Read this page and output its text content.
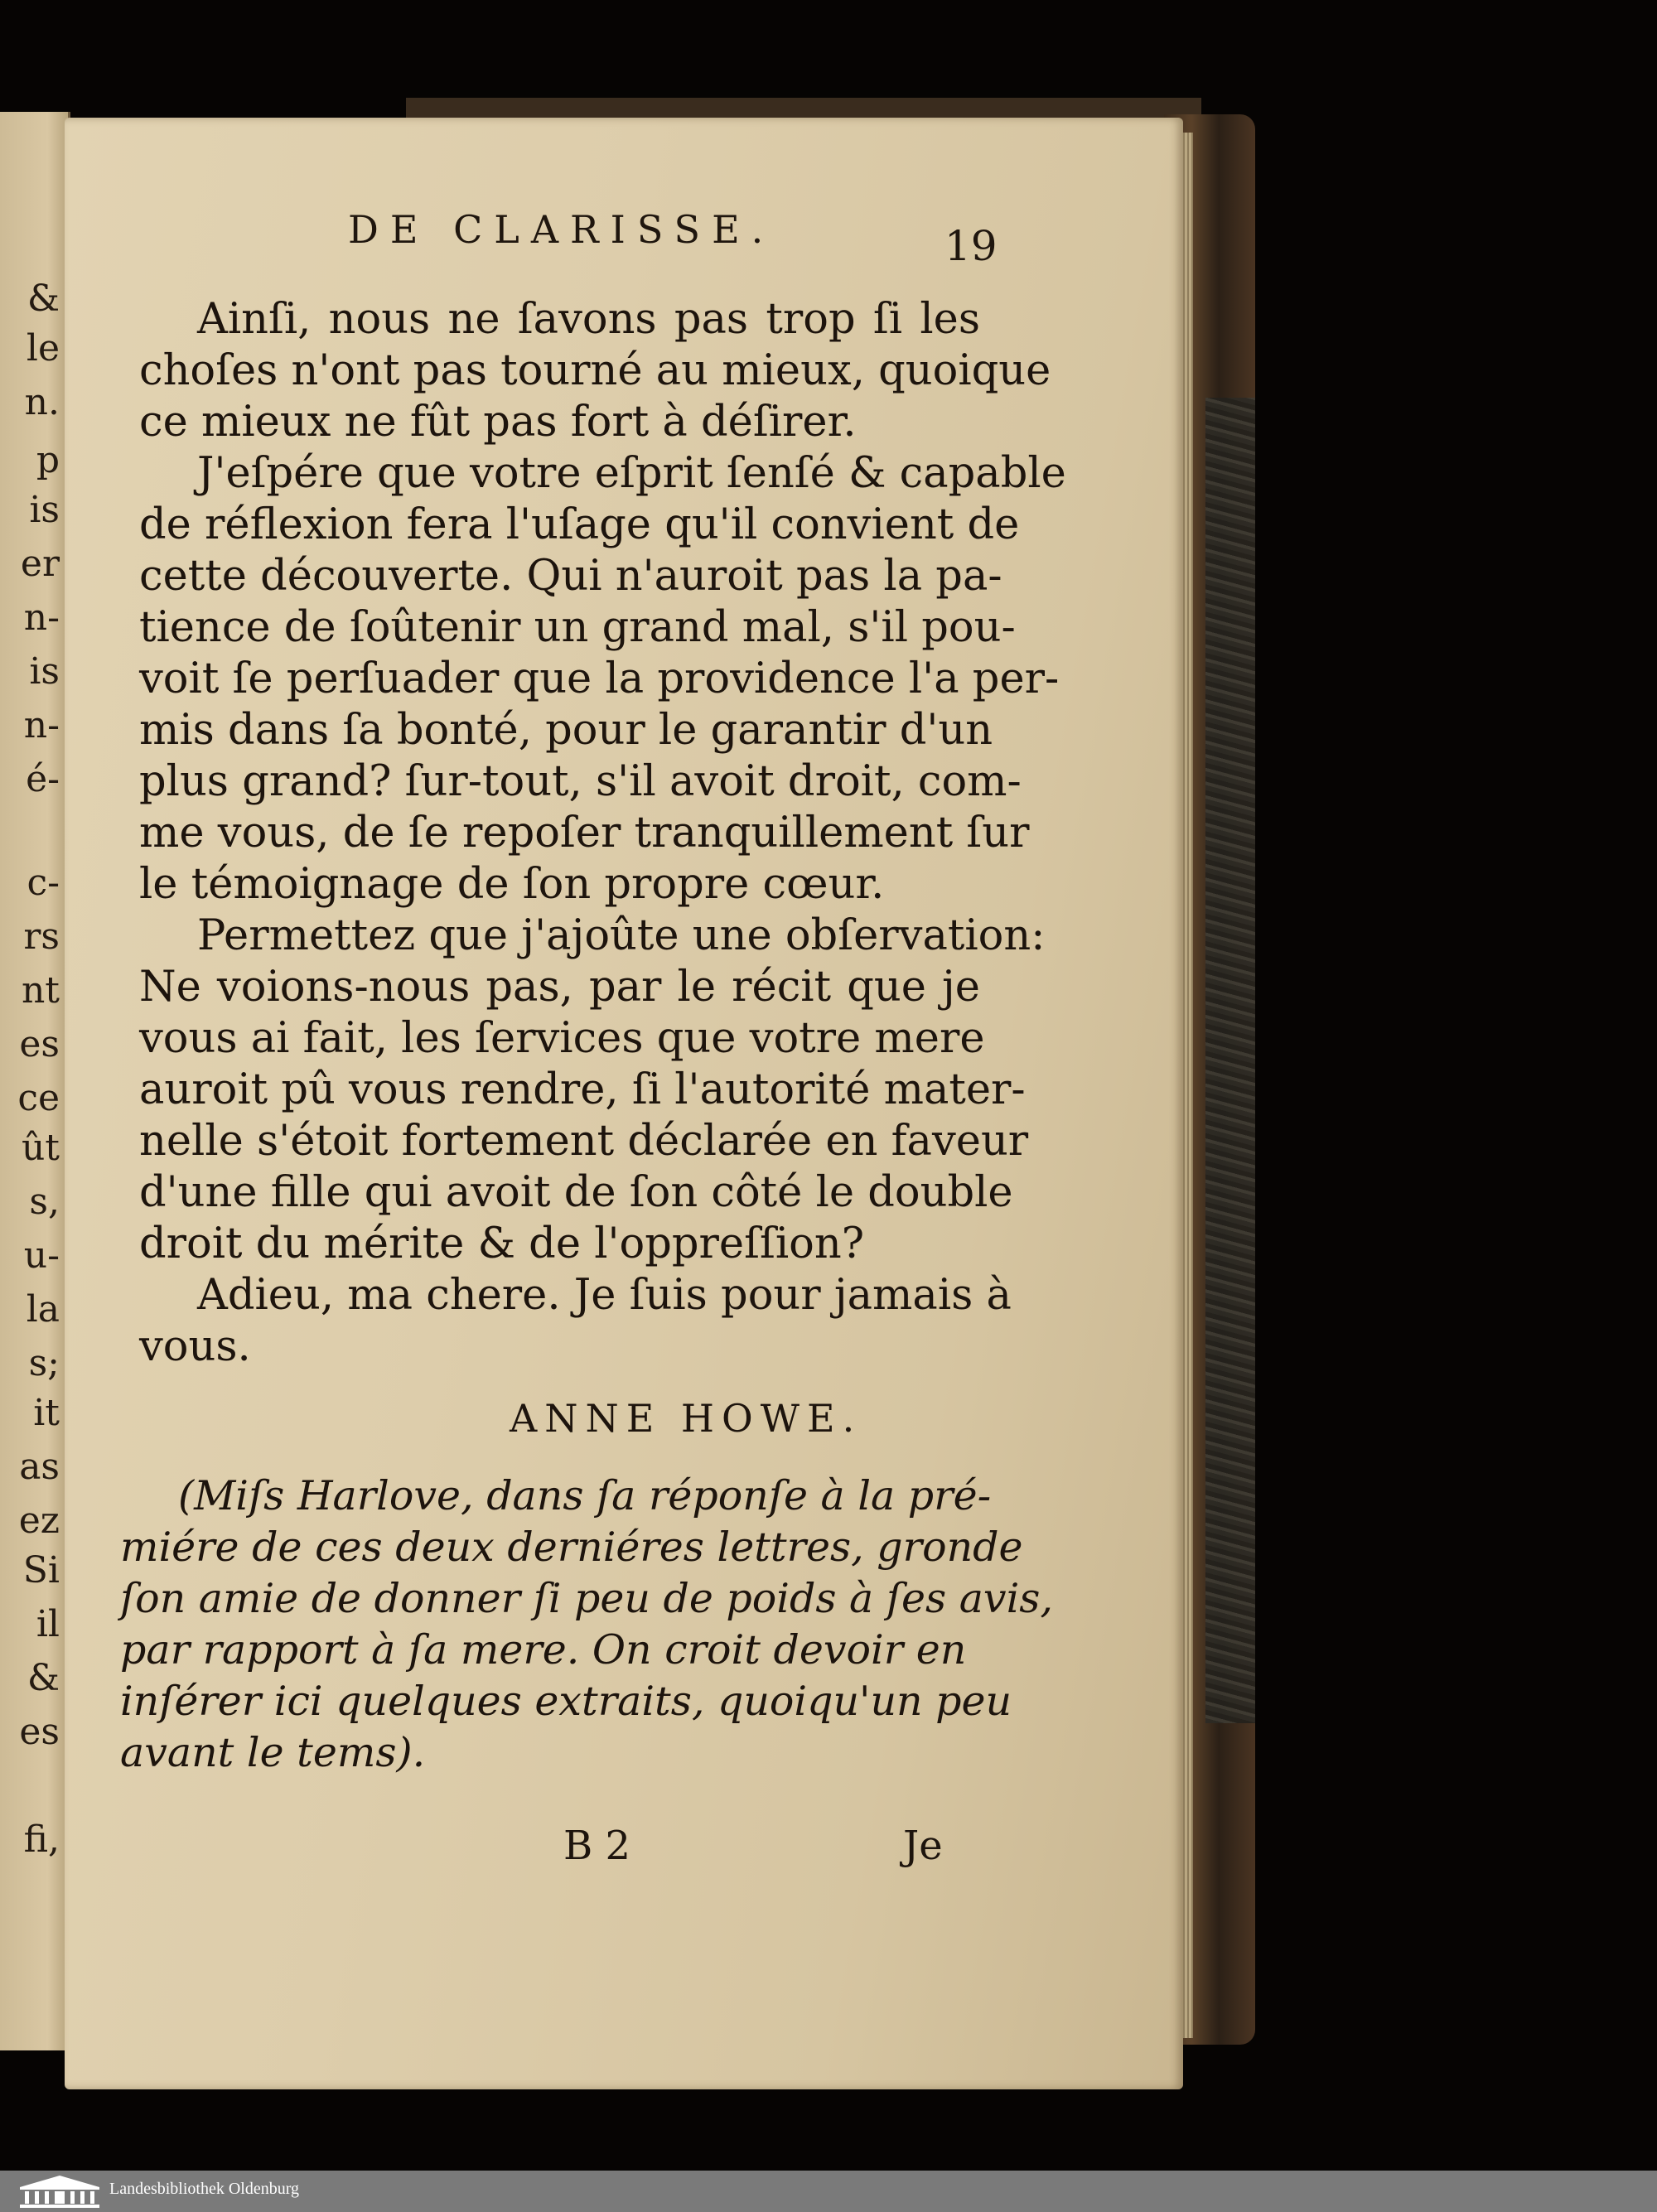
&
le
n.
p
is
er
n-
is
n-
é-
c-
rs
nt
es
ce
ût
s,
u-
la
s;
it
as
ez
Si
il
&
es
fi,
DE CLARISSE.	19
Ainſi, nous ne ſavons pas trop ſi les
choſes n'ont pas tourné au mieux, quoique
ce mieux ne fût pas fort à déſirer.
J'eſpére que votre eſprit ſenſé & capable
de réflexion fera l'uſage qu'il convient de
cette découverte. Qui n'auroit pas la pa-
tience de ſoûtenir un grand mal, s'il pou-
voit ſe perſuader que la providence l'a per-
mis dans ſa bonté, pour le garantir d'un
plus grand? ſur-tout, s'il avoit droit, com-
me vous, de ſe repoſer tranquillement ſur
le témoignage de ſon propre cœur.
Permettez que j'ajoûte une obſervation:
Ne voions-nous pas, par le récit que je
vous ai fait, les ſervices que votre mere
auroit pû vous rendre, ſi l'autorité mater-
nelle s'étoit fortement déclarée en faveur
d'une fille qui avoit de ſon côté le double
droit du mérite & de l'oppreſſion?
Adieu, ma chere. Je ſuis pour jamais à
vous.
ANNE HOWE.
(Miſs Harlove, dans ſa réponſe à la pré-
miére de ces deux derniéres lettres, gronde
ſon amie de donner ſi peu de poids à ſes avis,
par rapport à ſa mere. On croit devoir en
inſérer ici quelques extraits, quoiqu'un peu
avant le tems).
B 2	Je
Landesbibliothek Oldenburg
